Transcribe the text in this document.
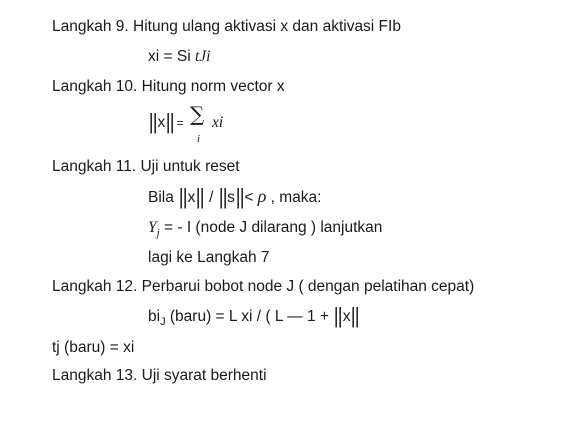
Langkah 9. Hitung ulang aktivasi x dan aktivasi FIb
xi = Si tJi
Langkah 10. Hitung norm vector x
||x|| = ∑
i
xi
Langkah 11. Uji untuk reset
Bila ||x|| / ||s||< ρ , maka:
$Y_j$ = - I (node J dilarang ) lanjutkan
lagi ke Langkah 7
Langkah 12. Perbarui bobot node J ( dengan pelatihan cepat)
$bi_J$ (baru) = L xi / ( L — 1 + ||x||
tj (baru) = xi
Langkah 13. Uji syarat berhenti
